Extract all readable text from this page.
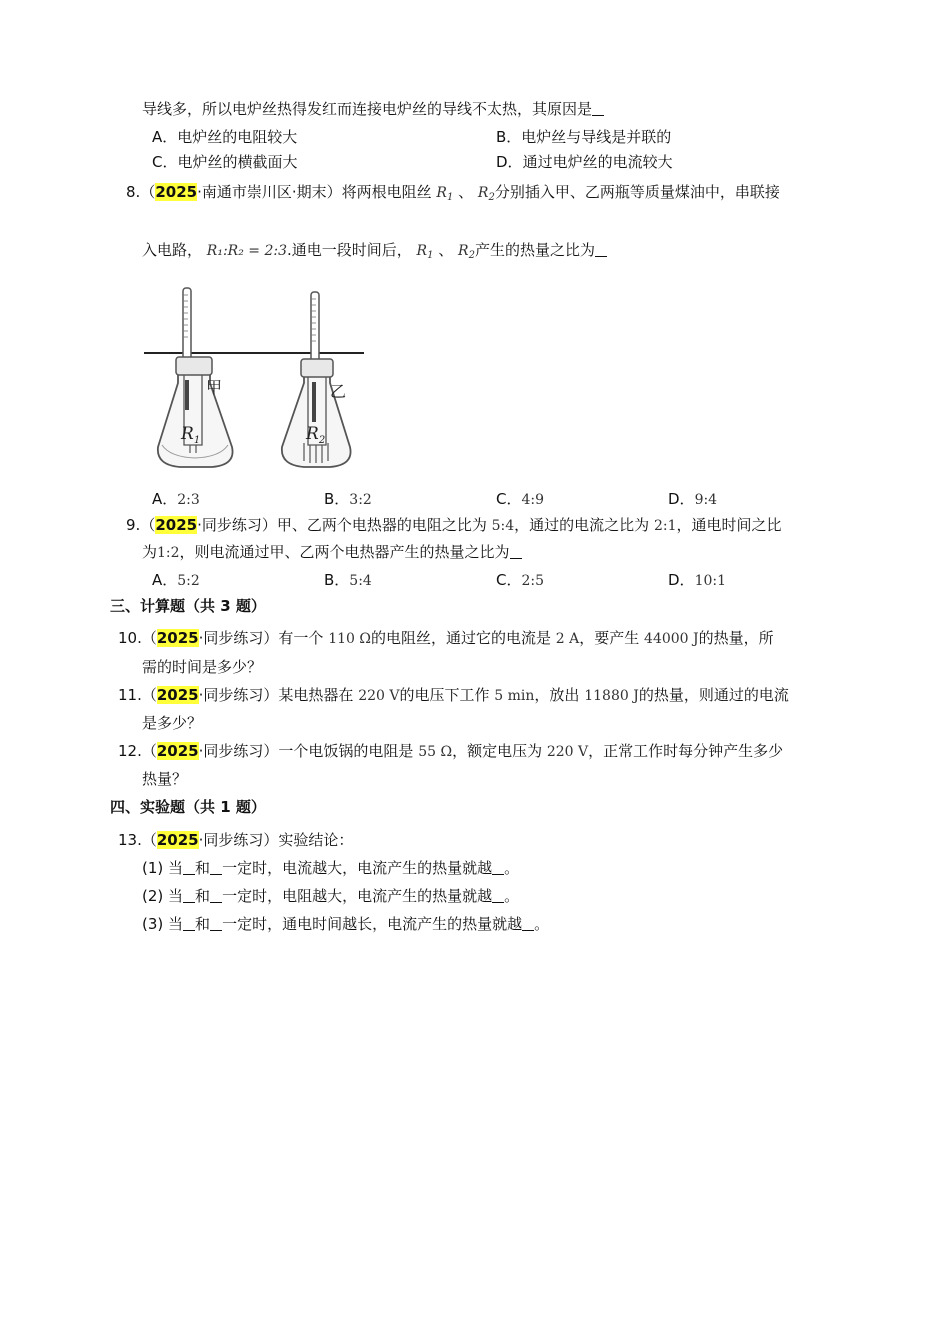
导线多，所以电炉丝热得发红而连接电炉丝的导线不太热，其原因是
A．电炉丝的电阻较大	B．电炉丝与导线是并联的
C．电炉丝的横截面大	D．通过电炉丝的电流较大
8.（2025·南通市崇川区·期末）将两根电阻丝 $R_1$ 、 $R_2$分别插入甲、乙两瓶等质量煤油中，串联接
入电路， R₁:R₂ = 2:3.通电一段时间后， $R_1$ 、 $R_2$产生的热量之比为
$R_1$
甲
$R_2$
乙
A．2:3	B．3:2	C．4:9	D．9:4
9.（2025·同步练习）甲、乙两个电热器的电阻之比为 5:4，通过的电流之比为 2:1，通电时间之比
为1:2，则电流通过甲、乙两个电热器产生的热量之比为
A．5:2	B．5:4	C．2:5	D．10:1
三、计算题（共 3 题）
10.（2025·同步练习）有一个 110 Ω的电阻丝，通过它的电流是 2 A，要产生 44000 J的热量，所
需的时间是多少？
11.（2025·同步练习）某电热器在 220 V的电压下工作 5 min，放出 11880 J的热量，则通过的电流
是多少？
12.（2025·同步练习）一个电饭锅的电阻是 55 Ω，额定电压为 220 V，正常工作时每分钟产生多少
热量？
四、实验题（共 1 题）
13.（2025·同步练习）实验结论：
(1) 当 和 一定时，电流越大，电流产生的热量就越 。
(2) 当 和 一定时，电阻越大，电流产生的热量就越 。
(3) 当 和 一定时，通电时间越长，电流产生的热量就越 。
